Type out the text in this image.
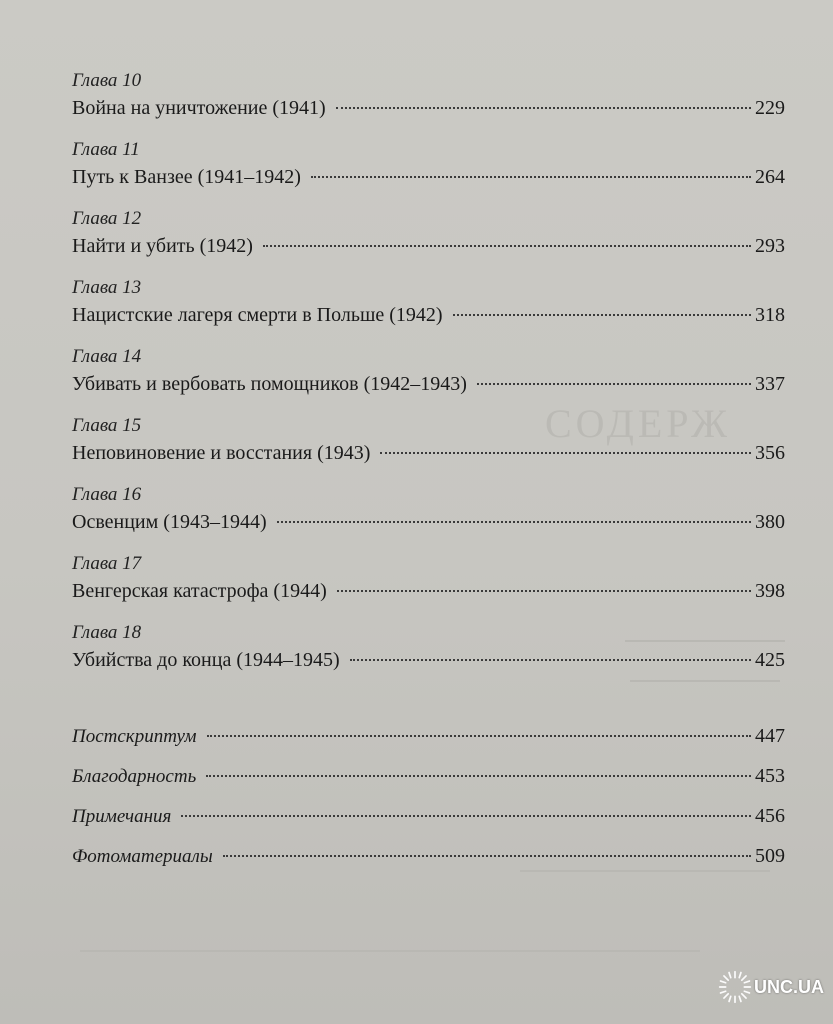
СОДЕРЖ
Глава 10
Война на уничтожение (1941)	229
Глава 11
Путь к Ванзее (1941–1942)	264
Глава 12
Найти и убить (1942)	293
Глава 13
Нацистские лагеря смерти в Польше (1942)	318
Глава 14
Убивать и вербовать помощников (1942–1943)	337
Глава 15
Неповиновение и восстания (1943)	356
Глава 16
Освенцим (1943–1944)	380
Глава 17
Венгерская катастрофа (1944)	398
Глава 18
Убийства до конца (1944–1945)	425
Постскриптум	447
Благодарность	453
Примечания	456
Фотоматериалы	509
UNC.UA
